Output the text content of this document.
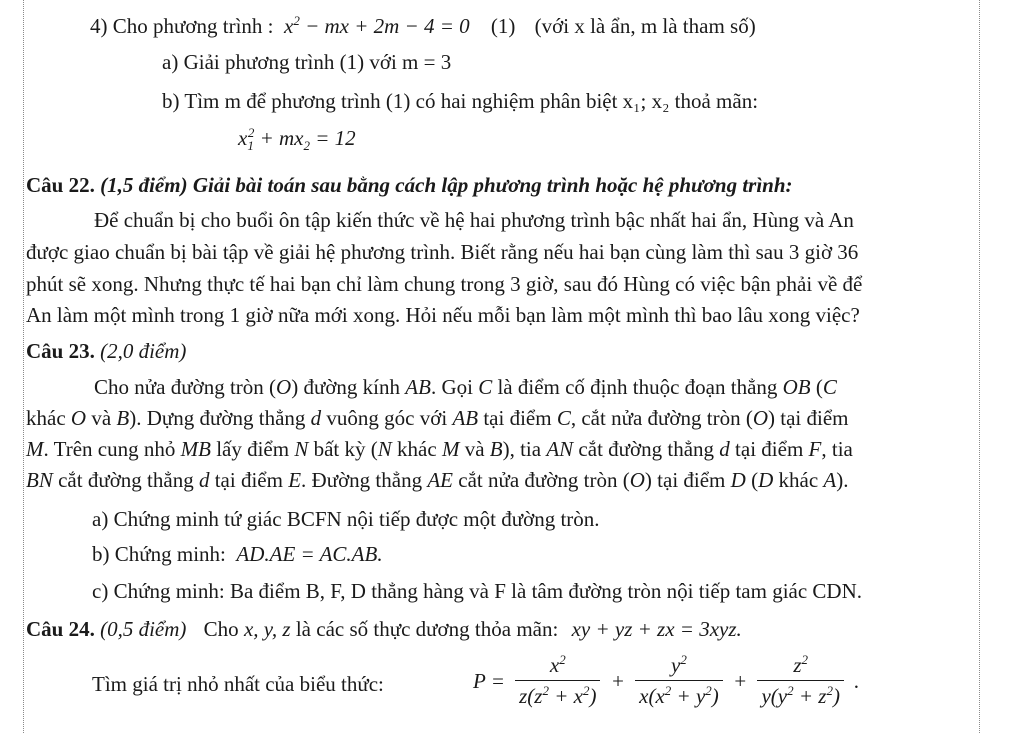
4) Cho phương trình :  $x^2$ − mx + 2m − 4 = 0 (1) (với x là ẩn, m là tham số)
a) Giải phương trình (1) với m = 3
b) Tìm m để phương trình (1) có hai nghiệm phân biệt x₁; x₂ thoả mãn:
$x_1^2 + mx_2 = 12$
Câu 22. (1,5 điểm) Giải bài toán sau bằng cách lập phương trình hoặc hệ phương trình:
Để chuẩn bị cho buổi ôn tập kiến thức về hệ hai phương trình bậc nhất hai ẩn, Hùng và An
được giao chuẩn bị bài tập về giải hệ phương trình. Biết rằng nếu hai bạn cùng làm thì sau 3 giờ 36
phút sẽ xong. Nhưng thực tế hai bạn chỉ làm chung trong 3 giờ, sau đó Hùng có việc bận phải về để
An làm một mình trong 1 giờ nữa mới xong. Hỏi nếu mỗi bạn làm một mình thì bao lâu xong việc?
Câu 23. (2,0 điểm)
Cho nửa đường tròn (O) đường kính AB. Gọi C là điểm cố định thuộc đoạn thẳng OB (C
khác O và B). Dựng đường thẳng d vuông góc với AB tại điểm C, cắt nửa đường tròn (O) tại điểm
M. Trên cung nhỏ MB lấy điểm N bất kỳ (N khác M và B), tia AN cắt đường thẳng d tại điểm F, tia
BN cắt đường thẳng d tại điểm E. Đường thẳng AE cắt nửa đường tròn (O) tại điểm D (D khác A).
a) Chứng minh tứ giác BCFN nội tiếp được một đường tròn.
b) Chứng minh:  AD.AE = AC.AB.
c) Chứng minh: Ba điểm B, F, D thẳng hàng và F là tâm đường tròn nội tiếp tam giác CDN.
Câu 24. (0,5 điểm) Cho x, y, z là các số thực dương thỏa mãn: xy + yz + zx = 3xyz.
Tìm giá trị nhỏ nhất của biểu thức:	$P = \frac{x^2}{z(z^2 + x^2)} + \frac{y^2}{x(x^2 + y^2)} + \frac{z^2}{y(y^2 + z^2)}$ .
